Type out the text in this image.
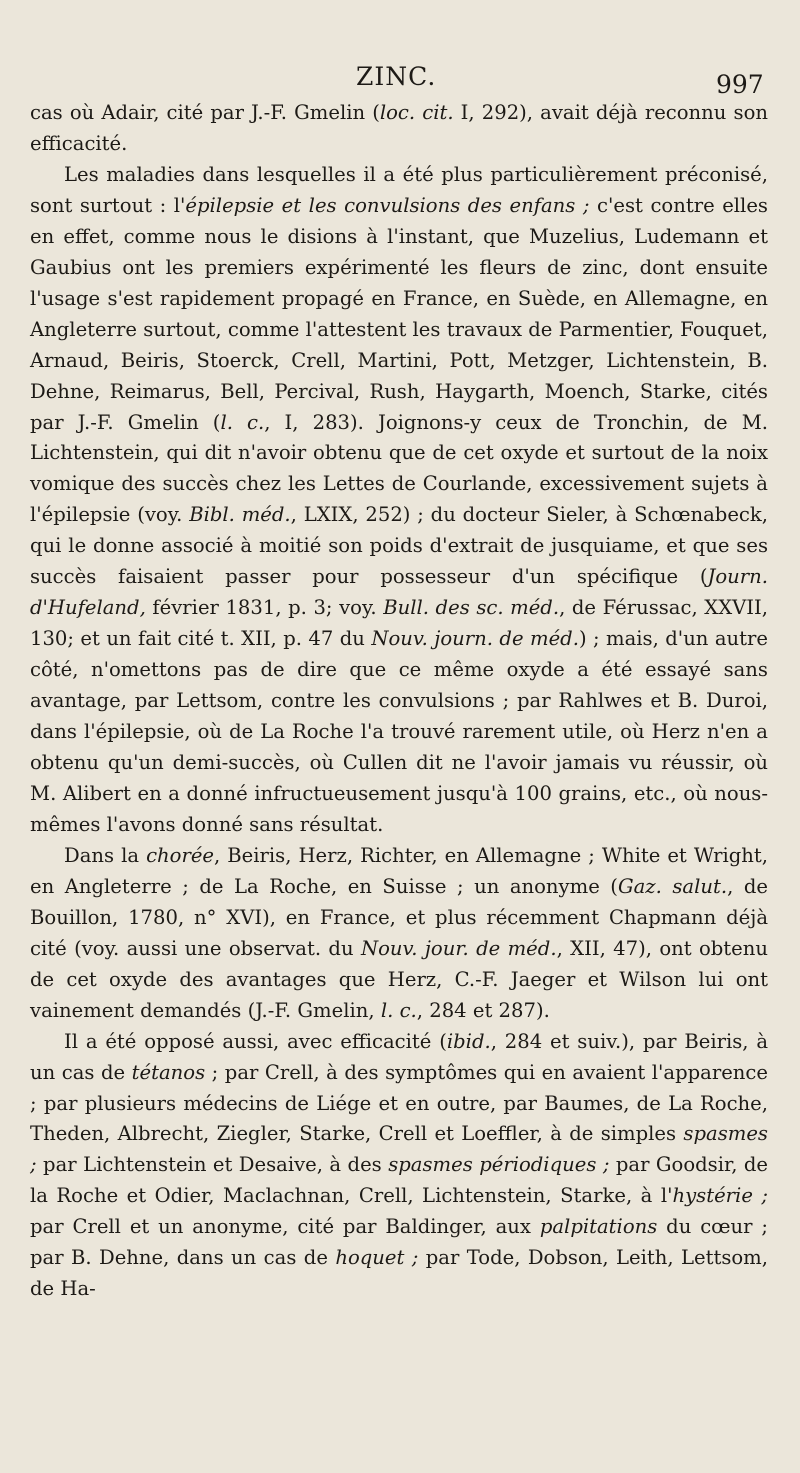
ZINC.	997

cas où Adair, cité par J.-F. Gmelin (loc. cit. I, 292), avait déjà reconnu son efficacité.

Les maladies dans lesquelles il a été plus particulièrement préconisé, sont surtout : l'épilepsie et les convulsions des enfans ; c'est contre elles en effet, comme nous le disions à l'instant, que Muzelius, Ludemann et Gaubius ont les premiers expérimenté les fleurs de zinc, dont ensuite l'usage s'est rapidement propagé en France, en Suède, en Allemagne, en Angleterre surtout, comme l'attestent les travaux de Parmentier, Fouquet, Arnaud, Beiris, Stoerck, Crell, Martini, Pott, Metzger, Lichtenstein, B. Dehne, Reimarus, Bell, Percival, Rush, Haygarth, Moench, Starke, cités par J.-F. Gmelin (l. c., I, 283). Joignons-y ceux de Tronchin, de M. Lichtenstein, qui dit n'avoir obtenu que de cet oxyde et surtout de la noix vomique des succès chez les Lettes de Courlande, excessivement sujets à l'épilepsie (voy. Bibl. méd., LXIX, 252) ; du docteur Sieler, à Schœnabeck, qui le donne associé à moitié son poids d'extrait de jusquiame, et que ses succès faisaient passer pour possesseur d'un spécifique (Journ. d'Hufeland, février 1831, p. 3; voy. Bull. des sc. méd., de Férussac, XXVII, 130; et un fait cité t. XII, p. 47 du Nouv. journ. de méd.) ; mais, d'un autre côté, n'omettons pas de dire que ce même oxyde a été essayé sans avantage, par Lettsom, contre les convulsions ; par Rahlwes et B. Duroi, dans l'épilepsie, où de La Roche l'a trouvé rarement utile, où Herz n'en a obtenu qu'un demi-succès, où Cullen dit ne l'avoir jamais vu réussir, où M. Alibert en a donné infructueusement jusqu'à 100 grains, etc., où nous-mêmes l'avons donné sans résultat.

Dans la chorée, Beiris, Herz, Richter, en Allemagne ; White et Wright, en Angleterre ; de La Roche, en Suisse ; un anonyme (Gaz. salut., de Bouillon, 1780, n° XVI), en France, et plus récemment Chapmann déjà cité (voy. aussi une observat. du Nouv. jour. de méd., XII, 47), ont obtenu de cet oxyde des avantages que Herz, C.-F. Jaeger et Wilson lui ont vainement demandés (J.-F. Gmelin, l. c., 284 et 287).

Il a été opposé aussi, avec efficacité (ibid., 284 et suiv.), par Beiris, à un cas de tétanos ; par Crell, à des symptômes qui en avaient l'apparence ; par plusieurs médecins de Liége et en outre, par Baumes, de La Roche, Theden, Albrecht, Ziegler, Starke, Crell et Loeffler, à de simples spasmes ; par Lichtenstein et Desaive, à des spasmes périodiques ; par Goodsir, de la Roche et Odier, Maclachnan, Crell, Lichtenstein, Starke, à l'hystérie ; par Crell et un anonyme, cité par Baldinger, aux palpitations du cœur ; par B. Dehne, dans un cas de hoquet ; par Tode, Dobson, Leith, Lettsom, de Ha-
